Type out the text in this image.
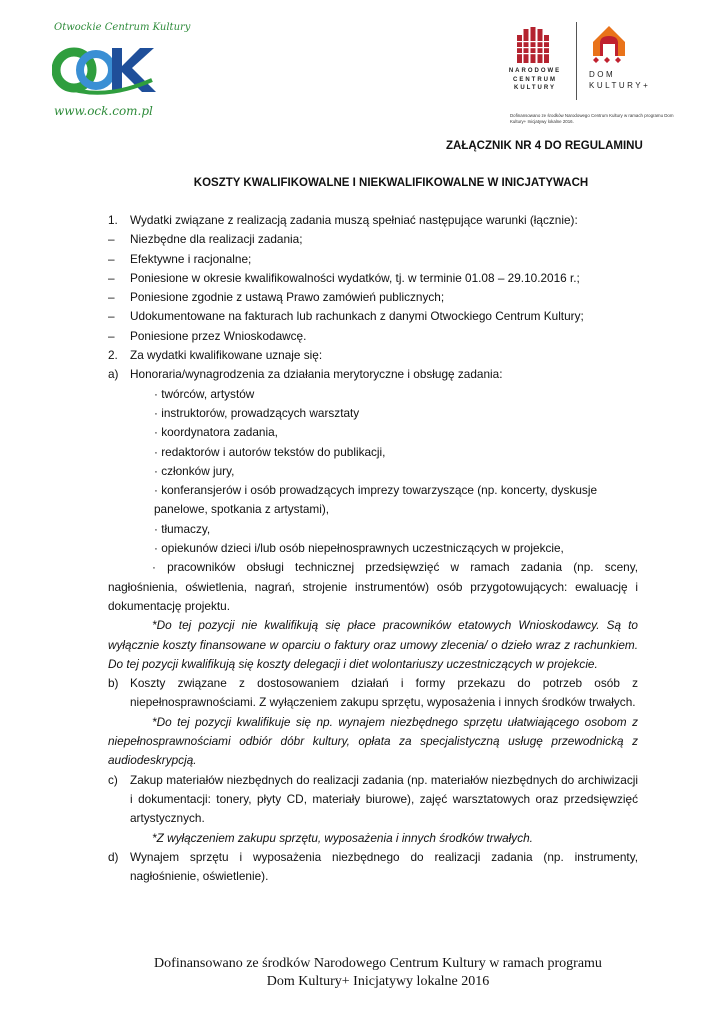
Otwockie Centrum Kultury
www.ock.com.pl
NARODOWE
CENTRUM
KULTURY
DOM
KULTURY+
Dofinansowano ze środków Narodowego Centrum Kultury w ramach programu Dom Kultury+ Inicjatywy lokalne 2016.
ZAŁĄCZNIK NR 4 DO REGULAMINU
KOSZTY KWALIFIKOWALNE I NIEKWALIFIKOWALNE W INICJATYWACH
1.	Wydatki związane z realizacją zadania muszą spełniać następujące warunki (łącznie):
–	Niezbędne dla realizacji zadania;
–	Efektywne i racjonalne;
–	Poniesione w okresie kwalifikowalności wydatków, tj. w terminie 01.08 – 29.10.2016 r.;
–	Poniesione zgodnie z ustawą Prawo zamówień publicznych;
–	Udokumentowane na fakturach lub rachunkach z danymi Otwockiego Centrum Kultury;
–	Poniesione przez Wnioskodawcę.
2.	Za wydatki kwalifikowane uznaje się:
a) Honoraria/wynagrodzenia za działania merytoryczne i obsługę zadania:
· twórców, artystów
· instruktorów, prowadzących warsztaty
· koordynatora zadania,
· redaktorów i autorów tekstów do publikacji,
· członków jury,
· konferansjerów i osób prowadzących imprezy towarzyszące (np. koncerty, dyskusje panelowe, spotkania z artystami),
· tłumaczy,
· opiekunów dzieci i/lub osób niepełnosprawnych uczestniczących w projekcie,
· pracowników obsługi technicznej przedsięwzięć w ramach zadania (np. sceny, nagłośnienia, oświetlenia, nagrań, strojenie instrumentów) osób przygotowujących: ewaluację i dokumentację projektu.
*Do tej pozycji nie kwalifikują się płace pracowników etatowych Wnioskodawcy. Są to wyłącznie koszty finansowane w oparciu o faktury oraz umowy zlecenia/ o dzieło wraz z rachunkiem. Do tej pozycji kwalifikują się koszty delegacji i diet wolontariuszy uczestniczących w projekcie.
b) Koszty związane z dostosowaniem działań i formy przekazu do potrzeb osób z niepełnosprawnościami. Z wyłączeniem zakupu sprzętu, wyposażenia i innych środków trwałych.
*Do tej pozycji kwalifikuje się np. wynajem niezbędnego sprzętu ułatwiającego osobom z niepełnosprawnościami odbiór dóbr kultury, opłata za specjalistyczną usługę przewodnicką z audiodeskrypcją.
c)	Zakup materiałów niezbędnych do realizacji zadania (np. materiałów niezbędnych do archiwizacji i dokumentacji: tonery, płyty CD, materiały biurowe), zajęć warsztatowych oraz przedsięwzięć artystycznych.
*Z wyłączeniem zakupu sprzętu, wyposażenia i innych środków trwałych.
d) Wynajem sprzętu i wyposażenia niezbędnego do realizacji zadania (np. instrumenty, nagłośnienie, oświetlenie).
Dofinansowano ze środków Narodowego Centrum Kultury w ramach programu
Dom Kultury+ Inicjatywy lokalne 2016
